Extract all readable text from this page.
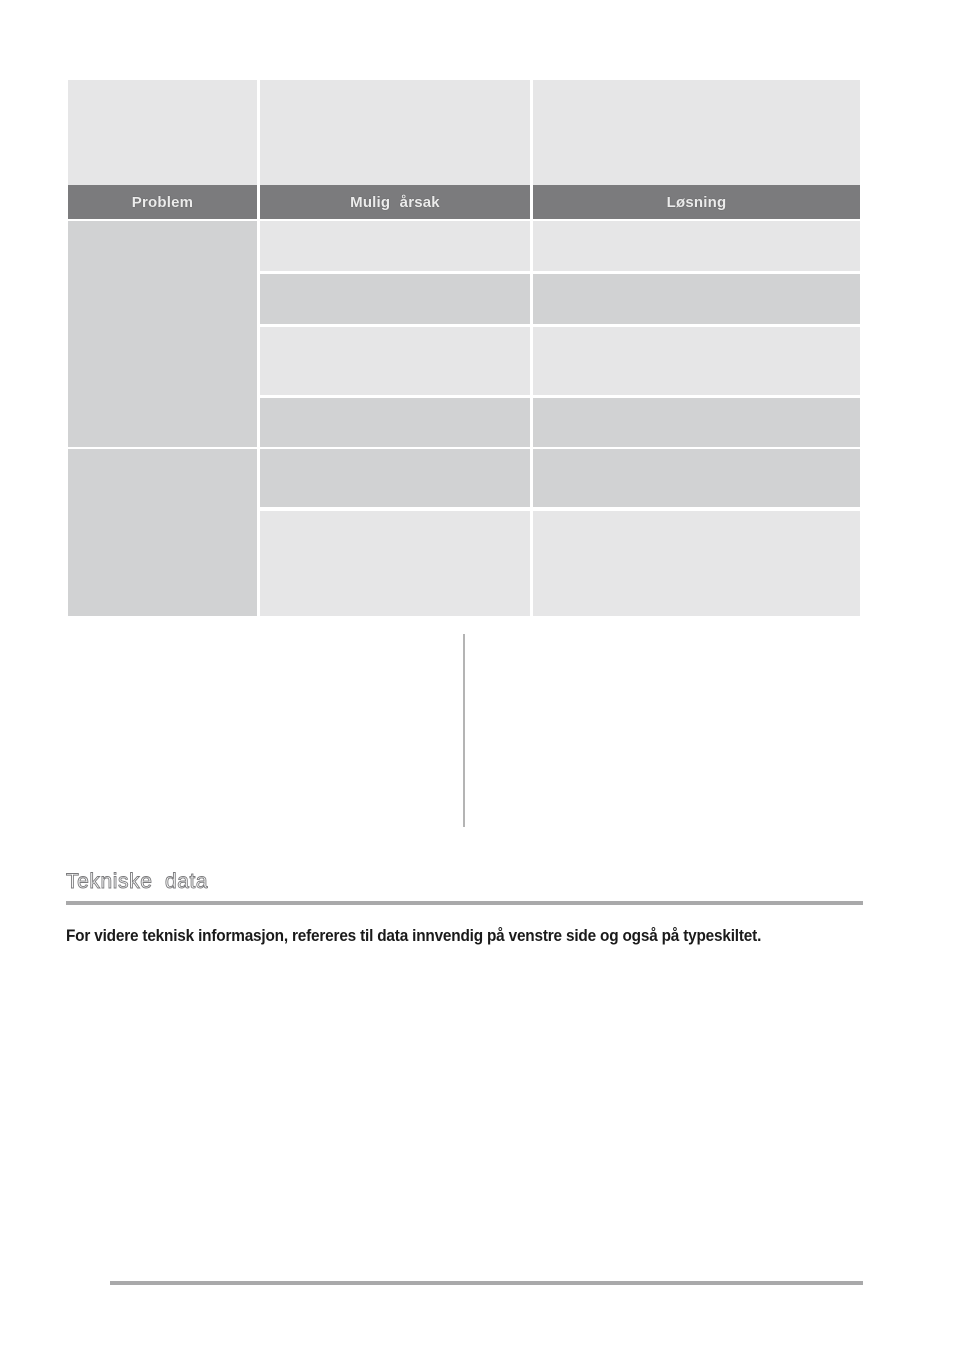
Problem	Mulig årsak	Løsning
Tekniske data
For videre teknisk informasjon, refereres til data innvendig på venstre side og også på typeskiltet.
